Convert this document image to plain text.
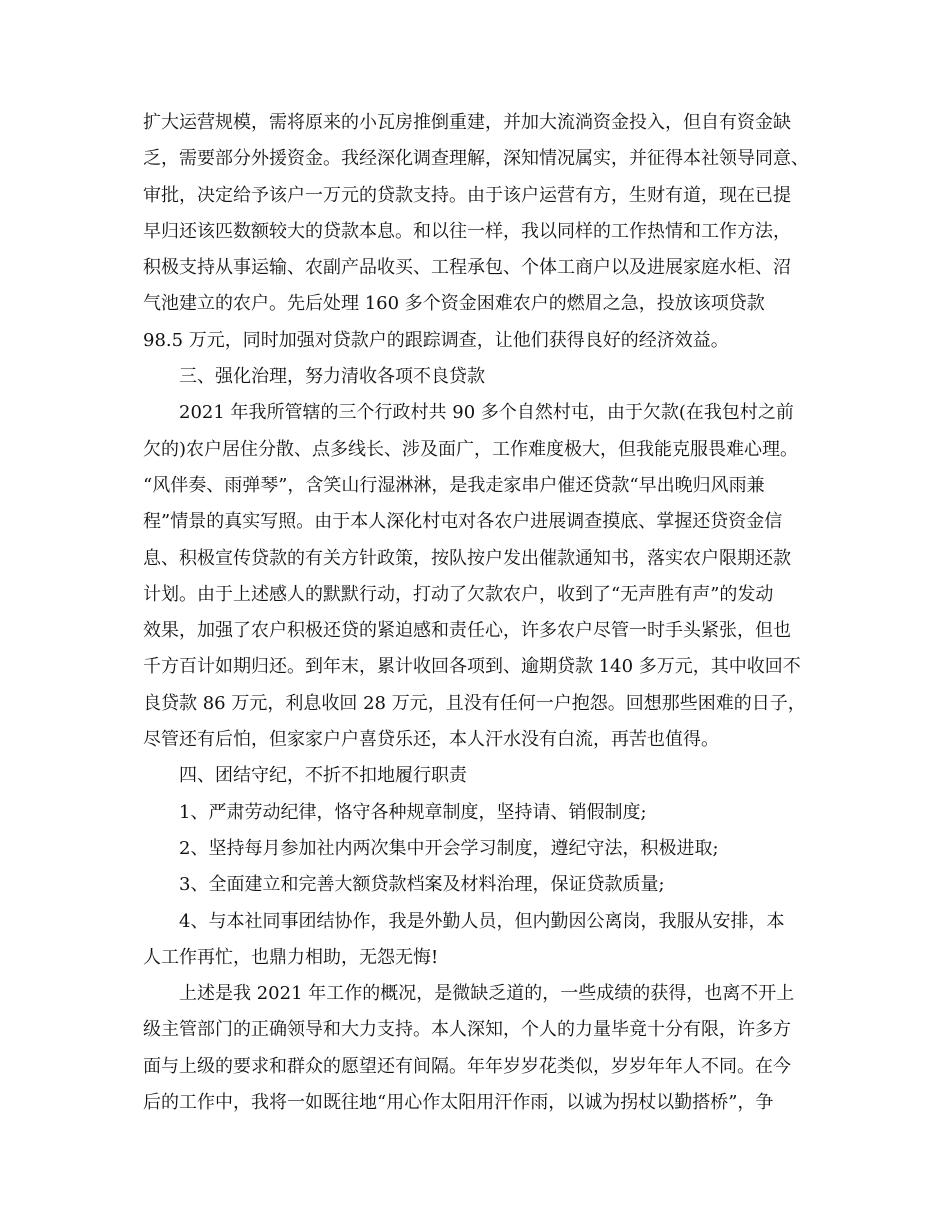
扩大运营规模，需将原来的小瓦房推倒重建，并加大流淌资金投入，但自有资金缺
乏，需要部分外援资金。我经深化调查理解，深知情况属实，并征得本社领导同意、
审批，决定给予该户一万元的贷款支持。由于该户运营有方，生财有道，现在已提
早归还该匹数额较大的贷款本息。和以往一样，我以同样的工作热情和工作方法，
积极支持从事运输、农副产品收买、工程承包、个体工商户以及进展家庭水柜、沼
气池建立的农户。先后处理 160 多个资金困难农户的燃眉之急，投放该项贷款
98.5 万元，同时加强对贷款户的跟踪调查，让他们获得良好的经济效益。
三、强化治理，努力清收各项不良贷款
2021 年我所管辖的三个行政村共 90 多个自然村屯，由于欠款(在我包村之前
欠的)农户居住分散、点多线长、涉及面广，工作难度极大，但我能克服畏难心理。
“风伴奏、雨弹琴”，含笑山行湿淋淋，是我走家串户催还贷款“早出晚归风雨兼
程”情景的真实写照。由于本人深化村屯对各农户进展调查摸底、掌握还贷资金信
息、积极宣传贷款的有关方针政策，按队按户发出催款通知书，落实农户限期还款
计划。由于上述感人的默默行动，打动了欠款农户，收到了“无声胜有声”的发动
效果，加强了农户积极还贷的紧迫感和责任心，许多农户尽管一时手头紧张，但也
千方百计如期归还。到年末，累计收回各项到、逾期贷款 140 多万元，其中收回不
良贷款 86 万元，利息收回 28 万元，且没有任何一户抱怨。回想那些困难的日子，
尽管还有后怕，但家家户户喜贷乐还，本人汗水没有白流，再苦也值得。
四、团结守纪，不折不扣地履行职责
1、严肃劳动纪律，恪守各种规章制度，坚持请、销假制度;
2、坚持每月参加社内两次集中开会学习制度，遵纪守法，积极进取;
3、全面建立和完善大额贷款档案及材料治理，保证贷款质量;
4、与本社同事团结协作，我是外勤人员，但内勤因公离岗，我服从安排，本
人工作再忙，也鼎力相助，无怨无悔!
上述是我 2021 年工作的概况，是微缺乏道的，一些成绩的获得，也离不开上
级主管部门的正确领导和大力支持。本人深知，个人的力量毕竟十分有限，许多方
面与上级的要求和群众的愿望还有间隔。年年岁岁花类似，岁岁年年人不同。在今
后的工作中，我将一如既往地“用心作太阳用汗作雨，以诚为拐杖以勤搭桥”，争
